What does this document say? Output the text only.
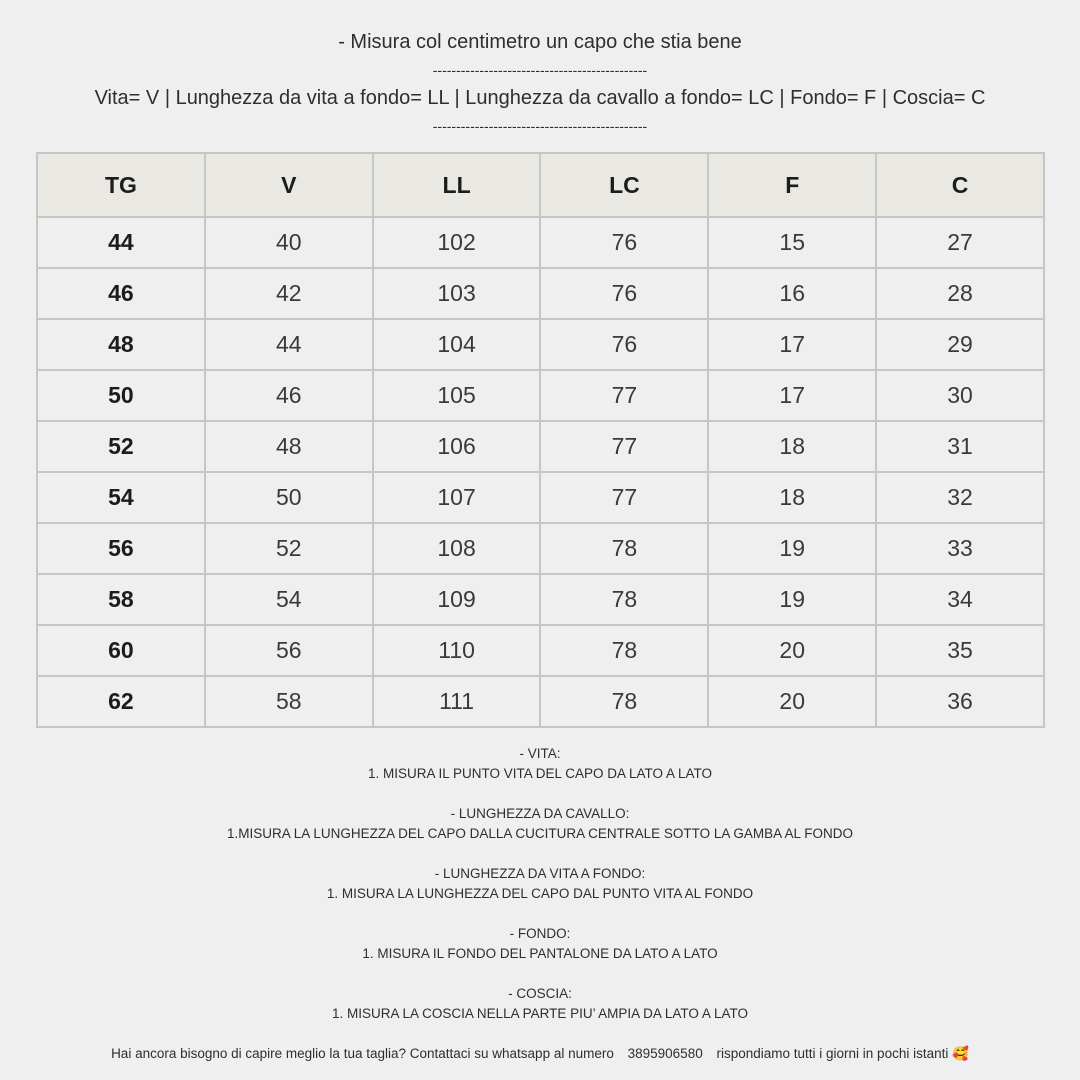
- Misura col centimetro un capo che stia bene
----------------------------------------------
Vita= V | Lunghezza da vita a fondo= LL | Lunghezza da cavallo a fondo= LC | Fondo= F | Coscia= C
----------------------------------------------
TG	V	LL	LC	F	C
44	40	102	76	15	27
46	42	103	76	16	28
48	44	104	76	17	29
50	46	105	77	17	30
52	48	106	77	18	31
54	50	107	77	18	32
56	52	108	78	19	33
58	54	109	78	19	34
60	56	110	78	20	35
62	58	111	78	20	36
- VITA:
1. MISURA IL PUNTO VITA DEL CAPO DA LATO A LATO
- LUNGHEZZA DA CAVALLO:
1.MISURA LA LUNGHEZZA DEL CAPO DALLA CUCITURA CENTRALE SOTTO LA GAMBA AL FONDO
- LUNGHEZZA DA VITA A FONDO:
1. MISURA LA LUNGHEZZA DEL CAPO DAL PUNTO VITA AL FONDO
- FONDO:
1. MISURA IL FONDO DEL PANTALONE DA LATO A LATO
- COSCIA:
1. MISURA LA COSCIA NELLA PARTE PIU’ AMPIA DA LATO A LATO
Hai ancora bisogno di capire meglio la tua taglia? Contattaci su whatsapp al numero 3895906580 rispondiamo tutti i giorni in pochi istanti 🥰
